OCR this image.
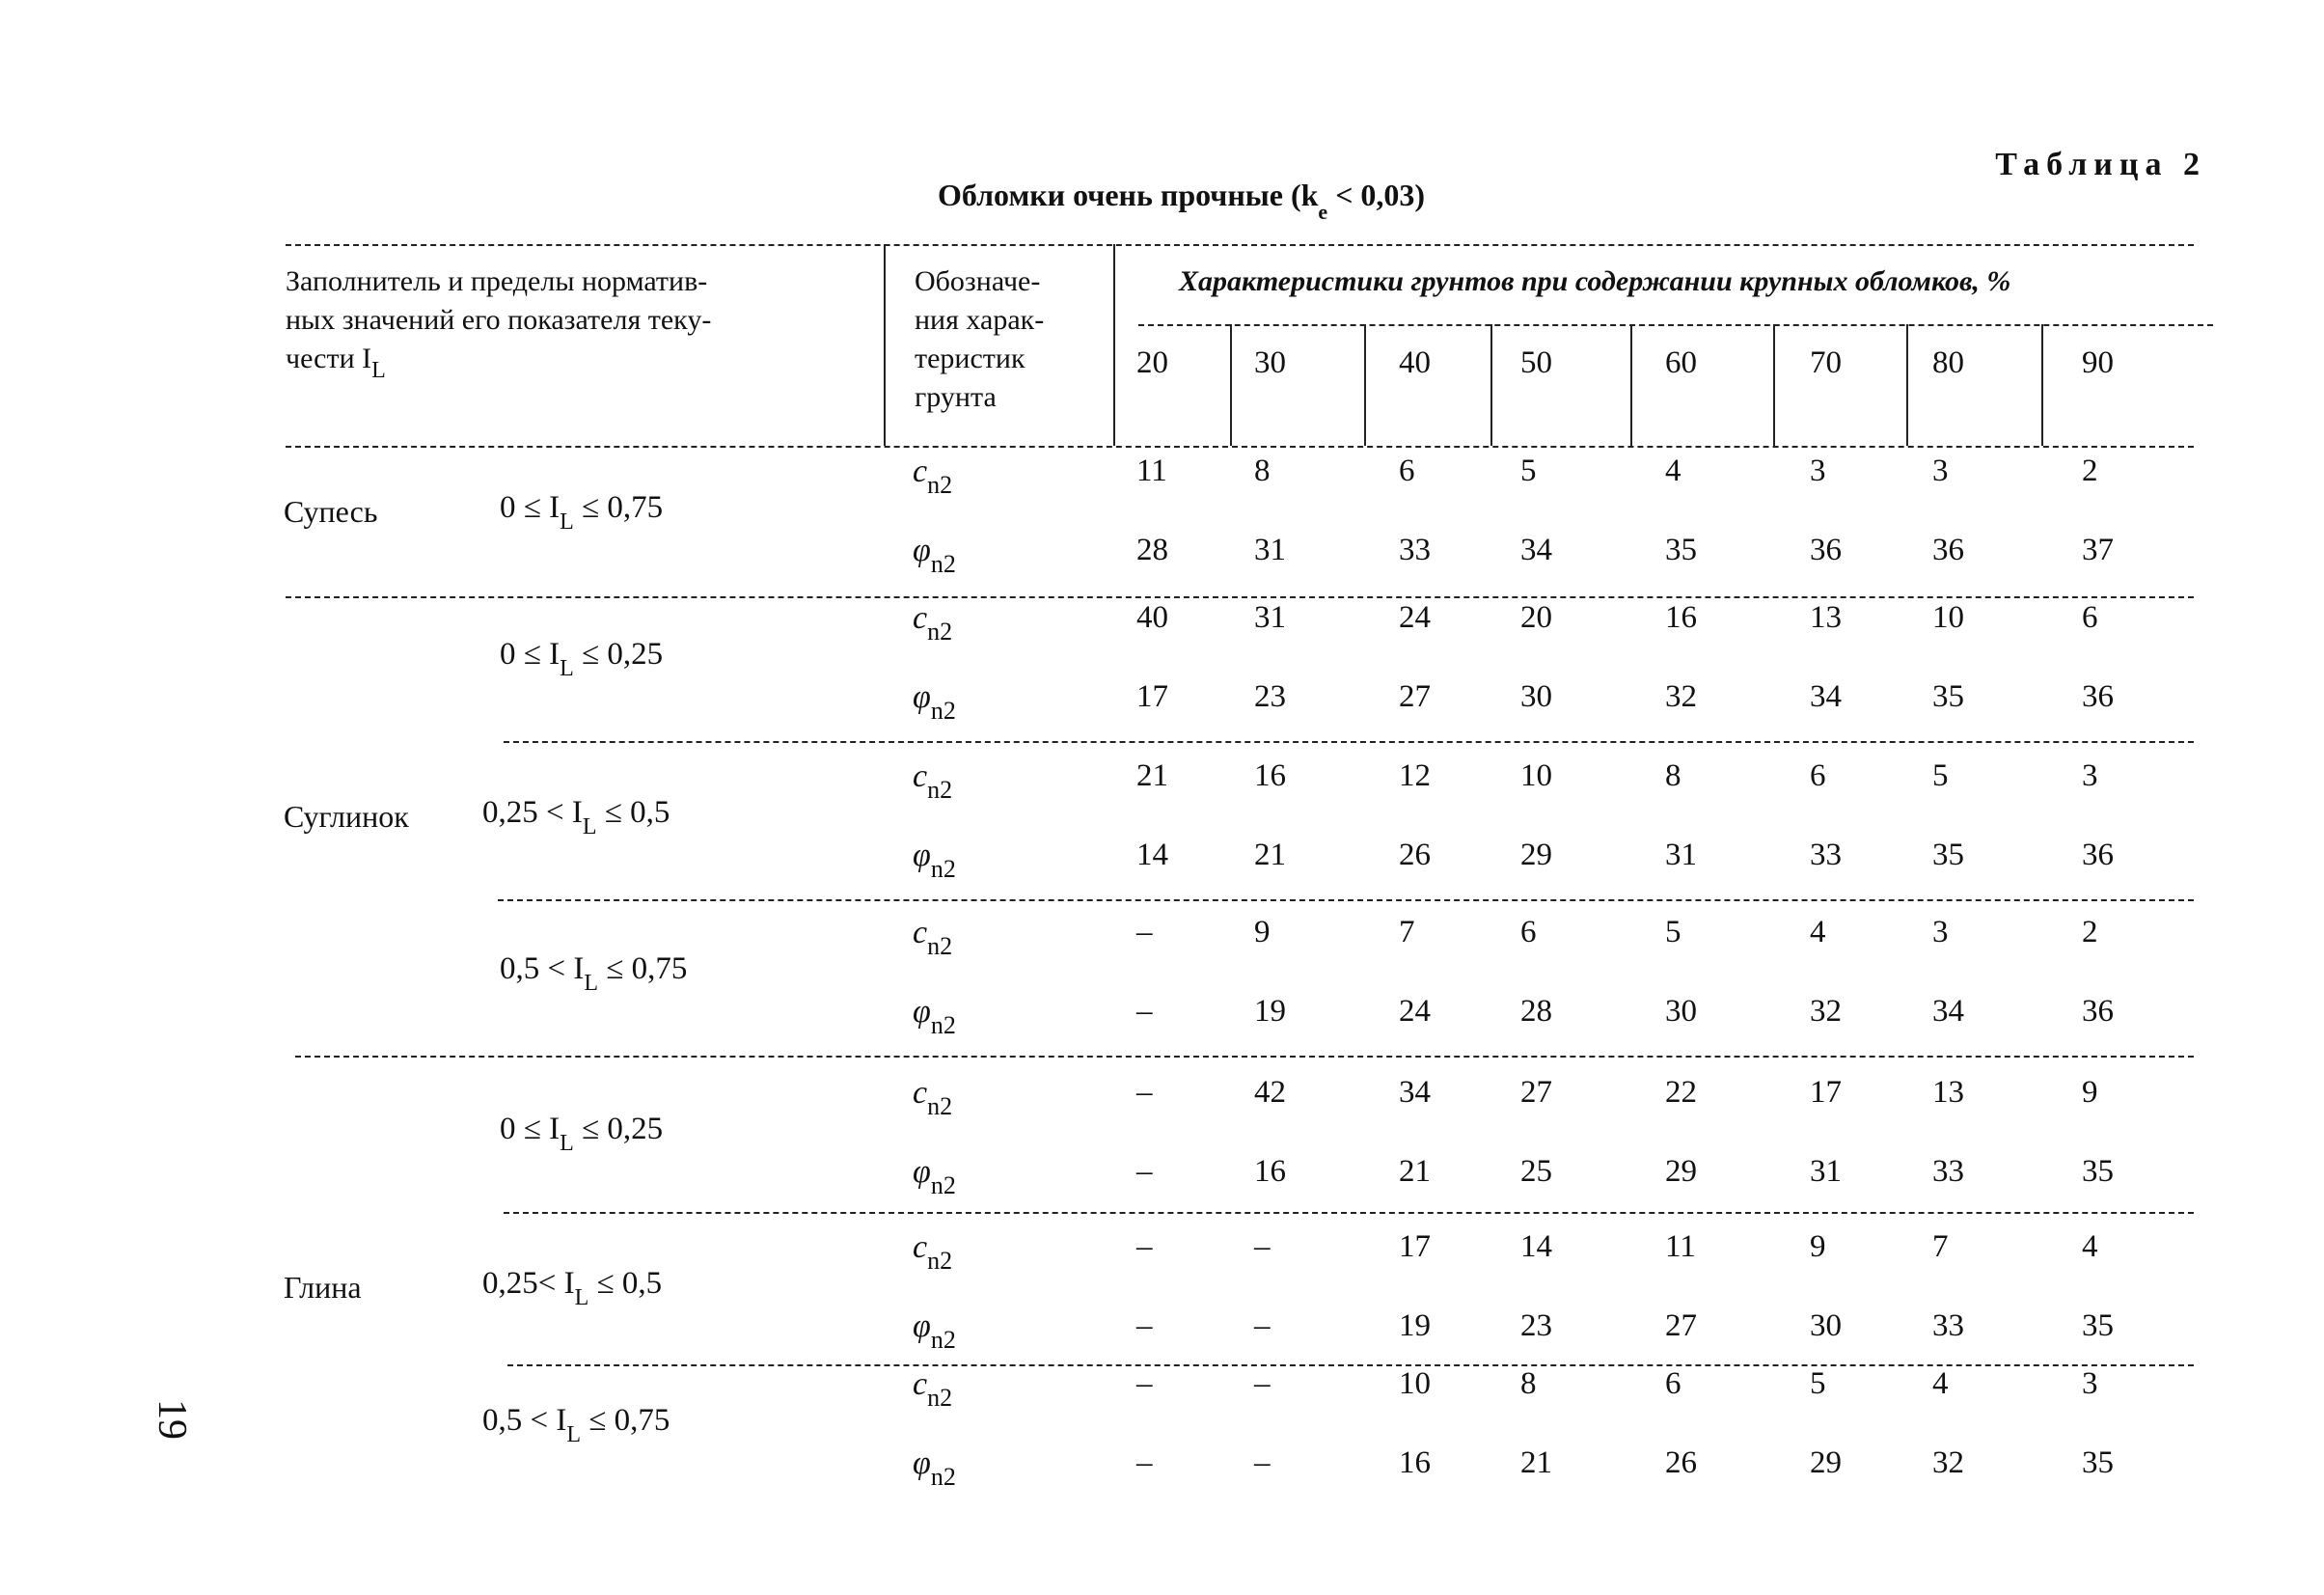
19
Таблица 2
Обломки очень прочные $(k_e < 0,03)$
Заполнитель и пределы норматив-
ных значений его показателя теку-
чести $I_L$
Обозначе-
ния харак-
теристик
грунта
Характеристики грунтов при содержании крупных обломков, %
20	30	40	50	60	70	80	90
Супесь	$0 \le I_L \le 0,75$
$c_{n2}$	11	8	6	5	4	3	3	2
$\varphi_{n2}$	28	31	33	34	35	36	36	37
$0 \le I_L \le 0,25$
$c_{n2}$	40	31	24	20	16	13	10	6
$\varphi_{n2}$	17	23	27	30	32	34	35	36
Суглинок $0,25 < I_L \le 0,5$
$c_{n2}$	21	16	12	10	8	6	5	3
$\varphi_{n2}$	14	21	26	29	31	33	35	36
$0,5 < I_L \le 0,75$
$c_{n2}$	–	9	7	6	5	4	3	2
$\varphi_{n2}$	–	19	24	28	30	32	34	36
$0 \le I_L \le 0,25$
$c_{n2}$	–	42	34	27	22	17	13	9
$\varphi_{n2}$	–	16	21	25	29	31	33	35
Глина	$0,25< I_L \le 0,5$
$c_{n2}$	–	–	17	14	11	9	7	4
$\varphi_{n2}$	–	–	19	23	27	30	33	35
$0,5 < I_L \le 0,75$
$c_{n2}$	–	–	10	8	6	5	4	3
$\varphi_{n2}$	–	–	16	21	26	29	32	35
